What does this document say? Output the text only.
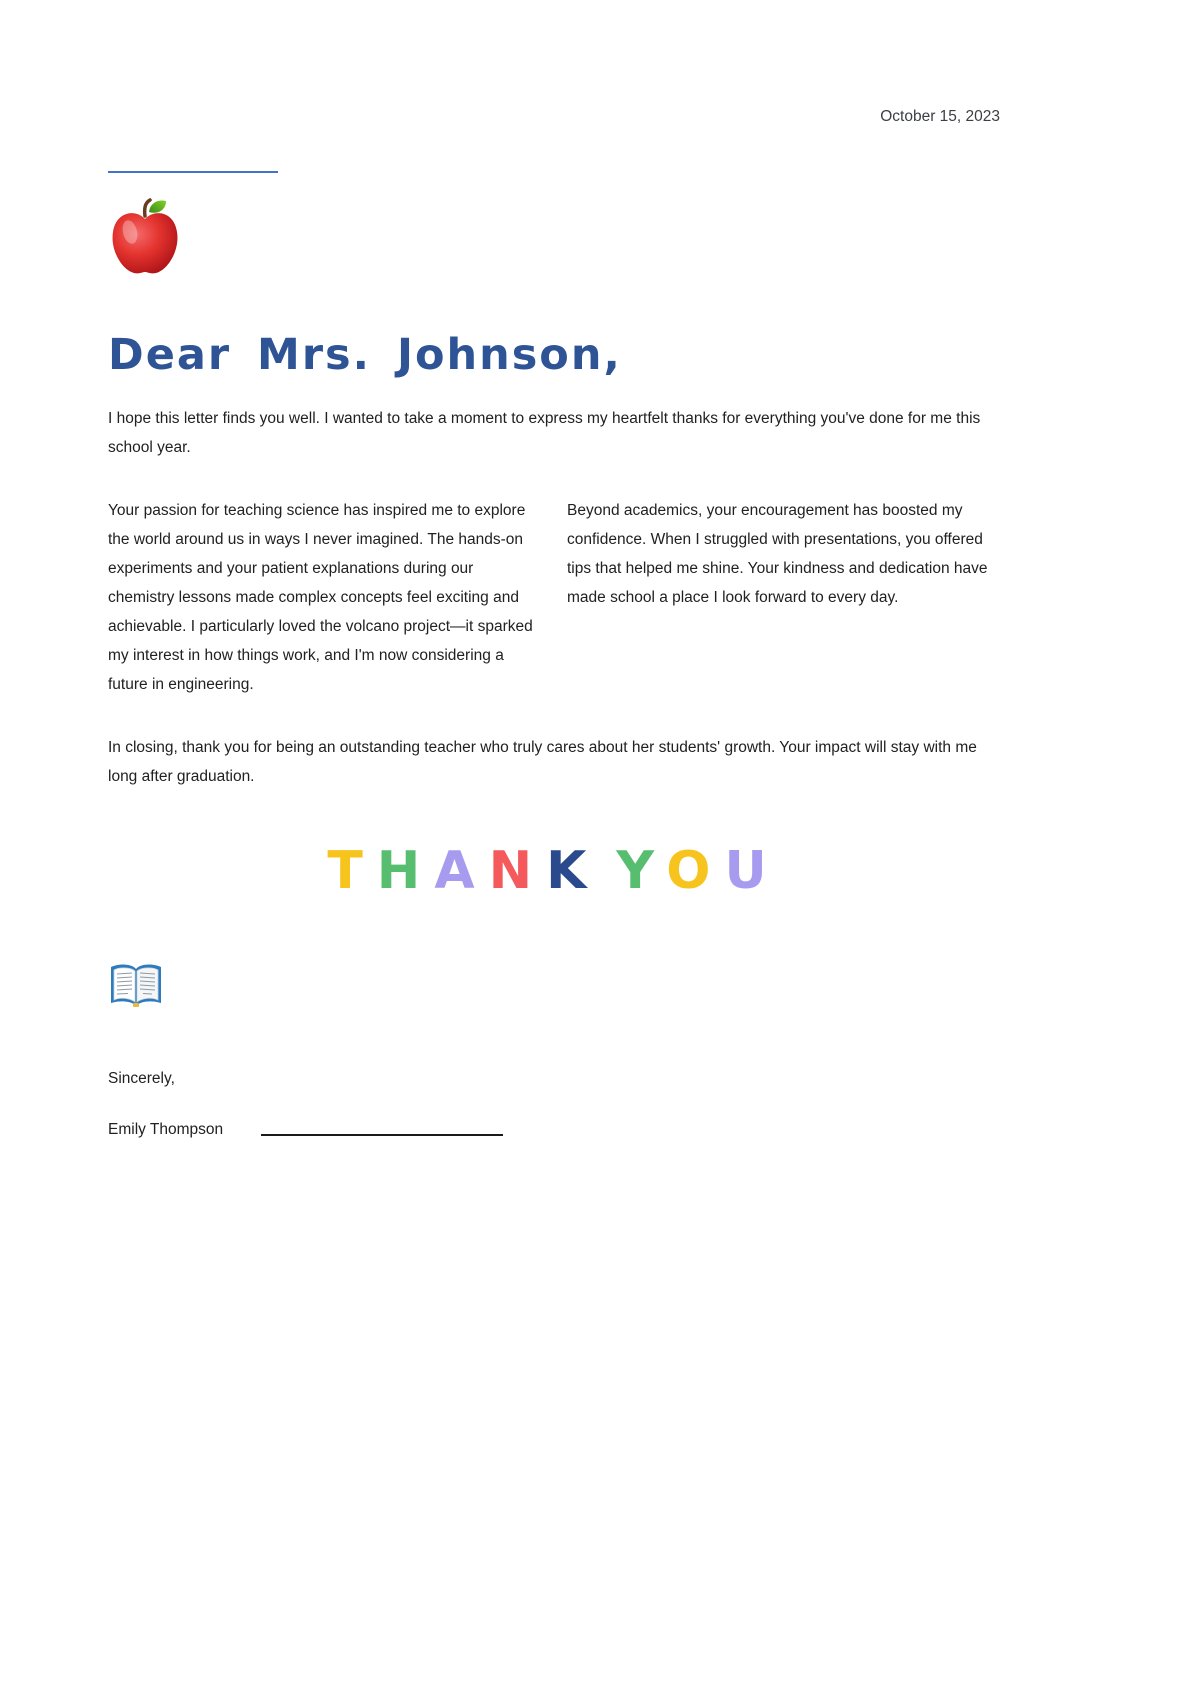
October 15, 2023
Dear Mrs. Johnson,

I hope this letter finds you well. I wanted to take a moment to express my heartfelt thanks for everything you've done for me this school year.

Your passion for teaching science has inspired me to explore the world around us in ways I never imagined. The hands-on experiments and your patient explanations during our chemistry lessons made complex concepts feel exciting and achievable. I particularly loved the volcano project—it sparked my interest in how things work, and I'm now considering a future in engineering.

Beyond academics, your encouragement has boosted my confidence. When I struggled with presentations, you offered tips that helped me shine. Your kindness and dedication have made school a place I look forward to every day.

In closing, thank you for being an outstanding teacher who truly cares about her students' growth. Your impact will stay with me long after graduation.

THANK YOU
Sincerely,
Emily Thompson
